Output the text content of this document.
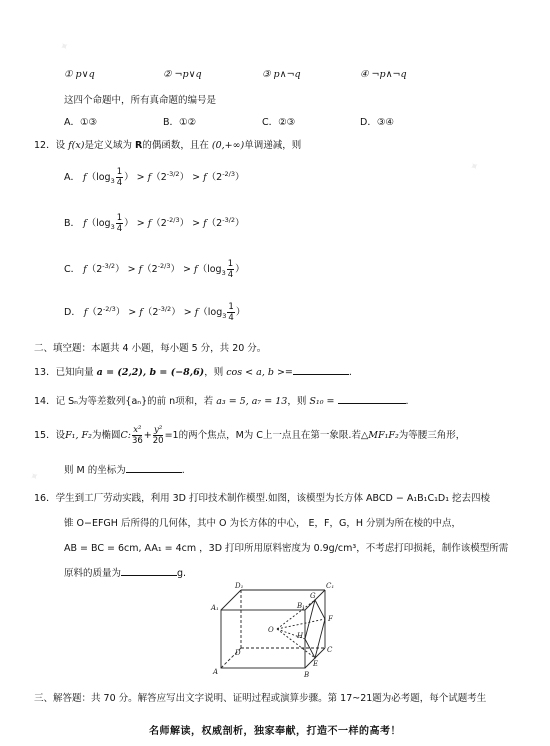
✦
✦
✦
① p∨q	② ¬p∨q	③ p∧¬q	④ ¬p∧¬q
这四个命题中，所有真命题的编号是
A．①③	B．①②	C．②③	D．③④
12．设 f(x)是定义域为 R的偶函数，且在 (0,+∞)单调递减，则
A． $f(\log_3 \frac{1}{4}$ ） > $f(2^{-3/2}) > f(2^{-2/3})$
B． $f(\log_3 \frac{1}{4}$ ） > $f(2^{-2/3}) > f(2^{-3/2})$
C． $f(2^{-3/2}) > f(2^{-2/3}) > f(\log_3 \frac{1}{4}$ ）
D． $f(2^{-2/3}) > f(2^{-3/2}) > f(\log_3 \frac{1}{4}$ ）
二、填空题：本题共 4 小题，每小题 5 分，共 20 分。
13．已知向量 a = (2,2), b = (−8,6)，则 cos < a, b >=	.
14．记 Sₙ为等差数列{aₙ}的前 n项和，若 a₃ = 5, a₇ = 13，则 S₁₀ =	.
15．设F₁, F₂为椭圆C: $\frac{\text{x²}}{36} + \frac{\text{y²}}{20} =1$的两个焦点，M为 C上一点且在第一象限.若△MF₁F₂为等腰三角形，
则 M 的坐标为	.
16．学生到工厂劳动实践，利用 3D 打印技术制作模型.如图，该模型为长方体 ABCD − A₁B₁C₁D₁ 挖去四棱
锥 O−EFGH 后所得的几何体，其中 O 为长方体的中心， E，F，G，H 分别为所在棱的中点，
AB = BC = 6cm, AA₁ = 4cm ，3D 打印所用原料密度为 0.9g/cm³，不考虑打印损耗，制作该模型所需
原料的质量为	g.
D₁	C₁
A₁	B₁
G
F
H
E
O
D	C
A	B
三、解答题：共 70 分。解答应写出文字说明、证明过程或演算步骤。第 17~21题为必考题，每个试题考生
名师解读，权威剖析，独家奉献，打造不一样的高考！
